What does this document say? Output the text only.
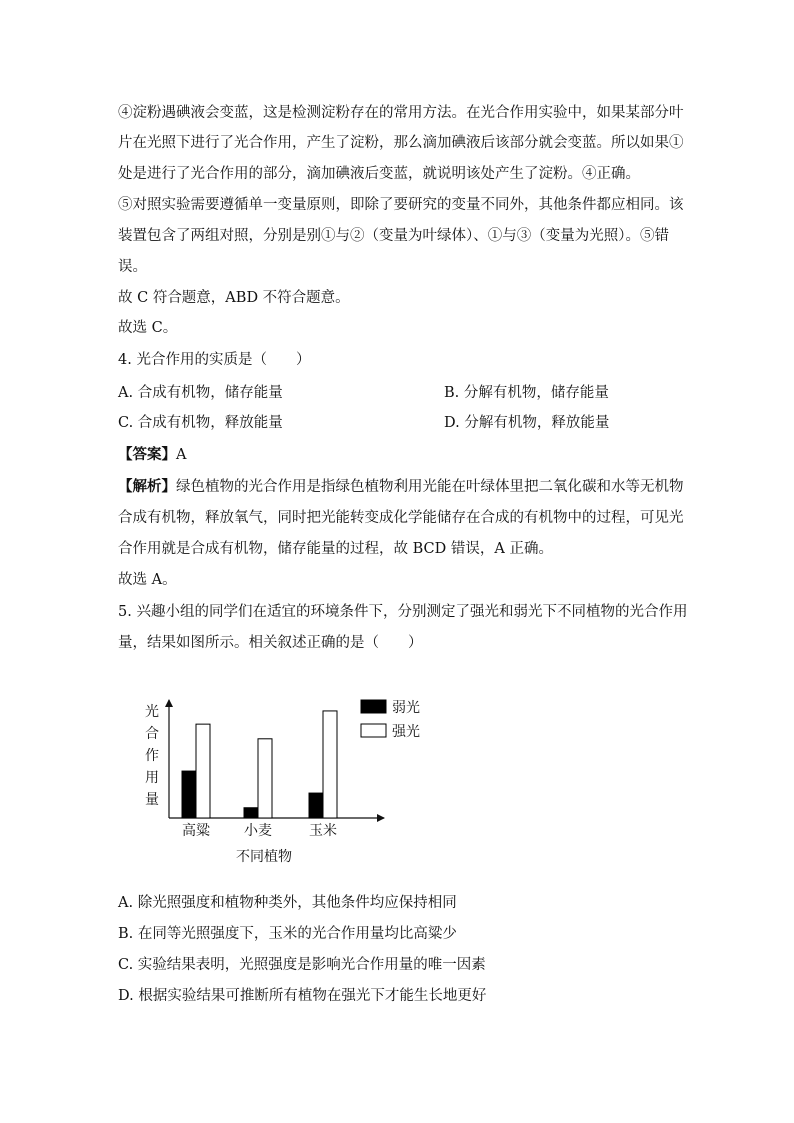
④淀粉遇碘液会变蓝，这是检测淀粉存在的常用方法。在光合作用实验中，如果某部分叶
片在光照下进行了光合作用，产生了淀粉，那么滴加碘液后该部分就会变蓝。所以如果①
处是进行了光合作用的部分，滴加碘液后变蓝，就说明该处产生了淀粉。④正确。
⑤对照实验需要遵循单一变量原则，即除了要研究的变量不同外，其他条件都应相同。该
装置包含了两组对照，分别是别①与②（变量为叶绿体）、①与③（变量为光照）。⑤错
误。
故 C 符合题意，ABD 不符合题意。
故选 C。
4. 光合作用的实质是（　　）
A. 合成有机物，储存能量	B. 分解有机物，储存能量
C. 合成有机物，释放能量	D. 分解有机物，释放能量
【答案】A
【解析】绿色植物的光合作用是指绿色植物利用光能在叶绿体里把二氧化碳和水等无机物
合成有机物，释放氧气，同时把光能转变成化学能储存在合成的有机物中的过程，可见光
合作用就是合成有机物，储存能量的过程，故 BCD 错误，A 正确。
故选 A。
5. 兴趣小组的同学们在适宜的环境条件下，分别测定了强光和弱光下不同植物的光合作用
量，结果如图所示。相关叙述正确的是（　　）
光
合
作
用
量
高粱 小麦	玉米
不同植物
弱光
强光
A. 除光照强度和植物种类外，其他条件均应保持相同
B. 在同等光照强度下，玉米的光合作用量均比高粱少
C. 实验结果表明，光照强度是影响光合作用量的唯一因素
D. 根据实验结果可推断所有植物在强光下才能生长地更好
